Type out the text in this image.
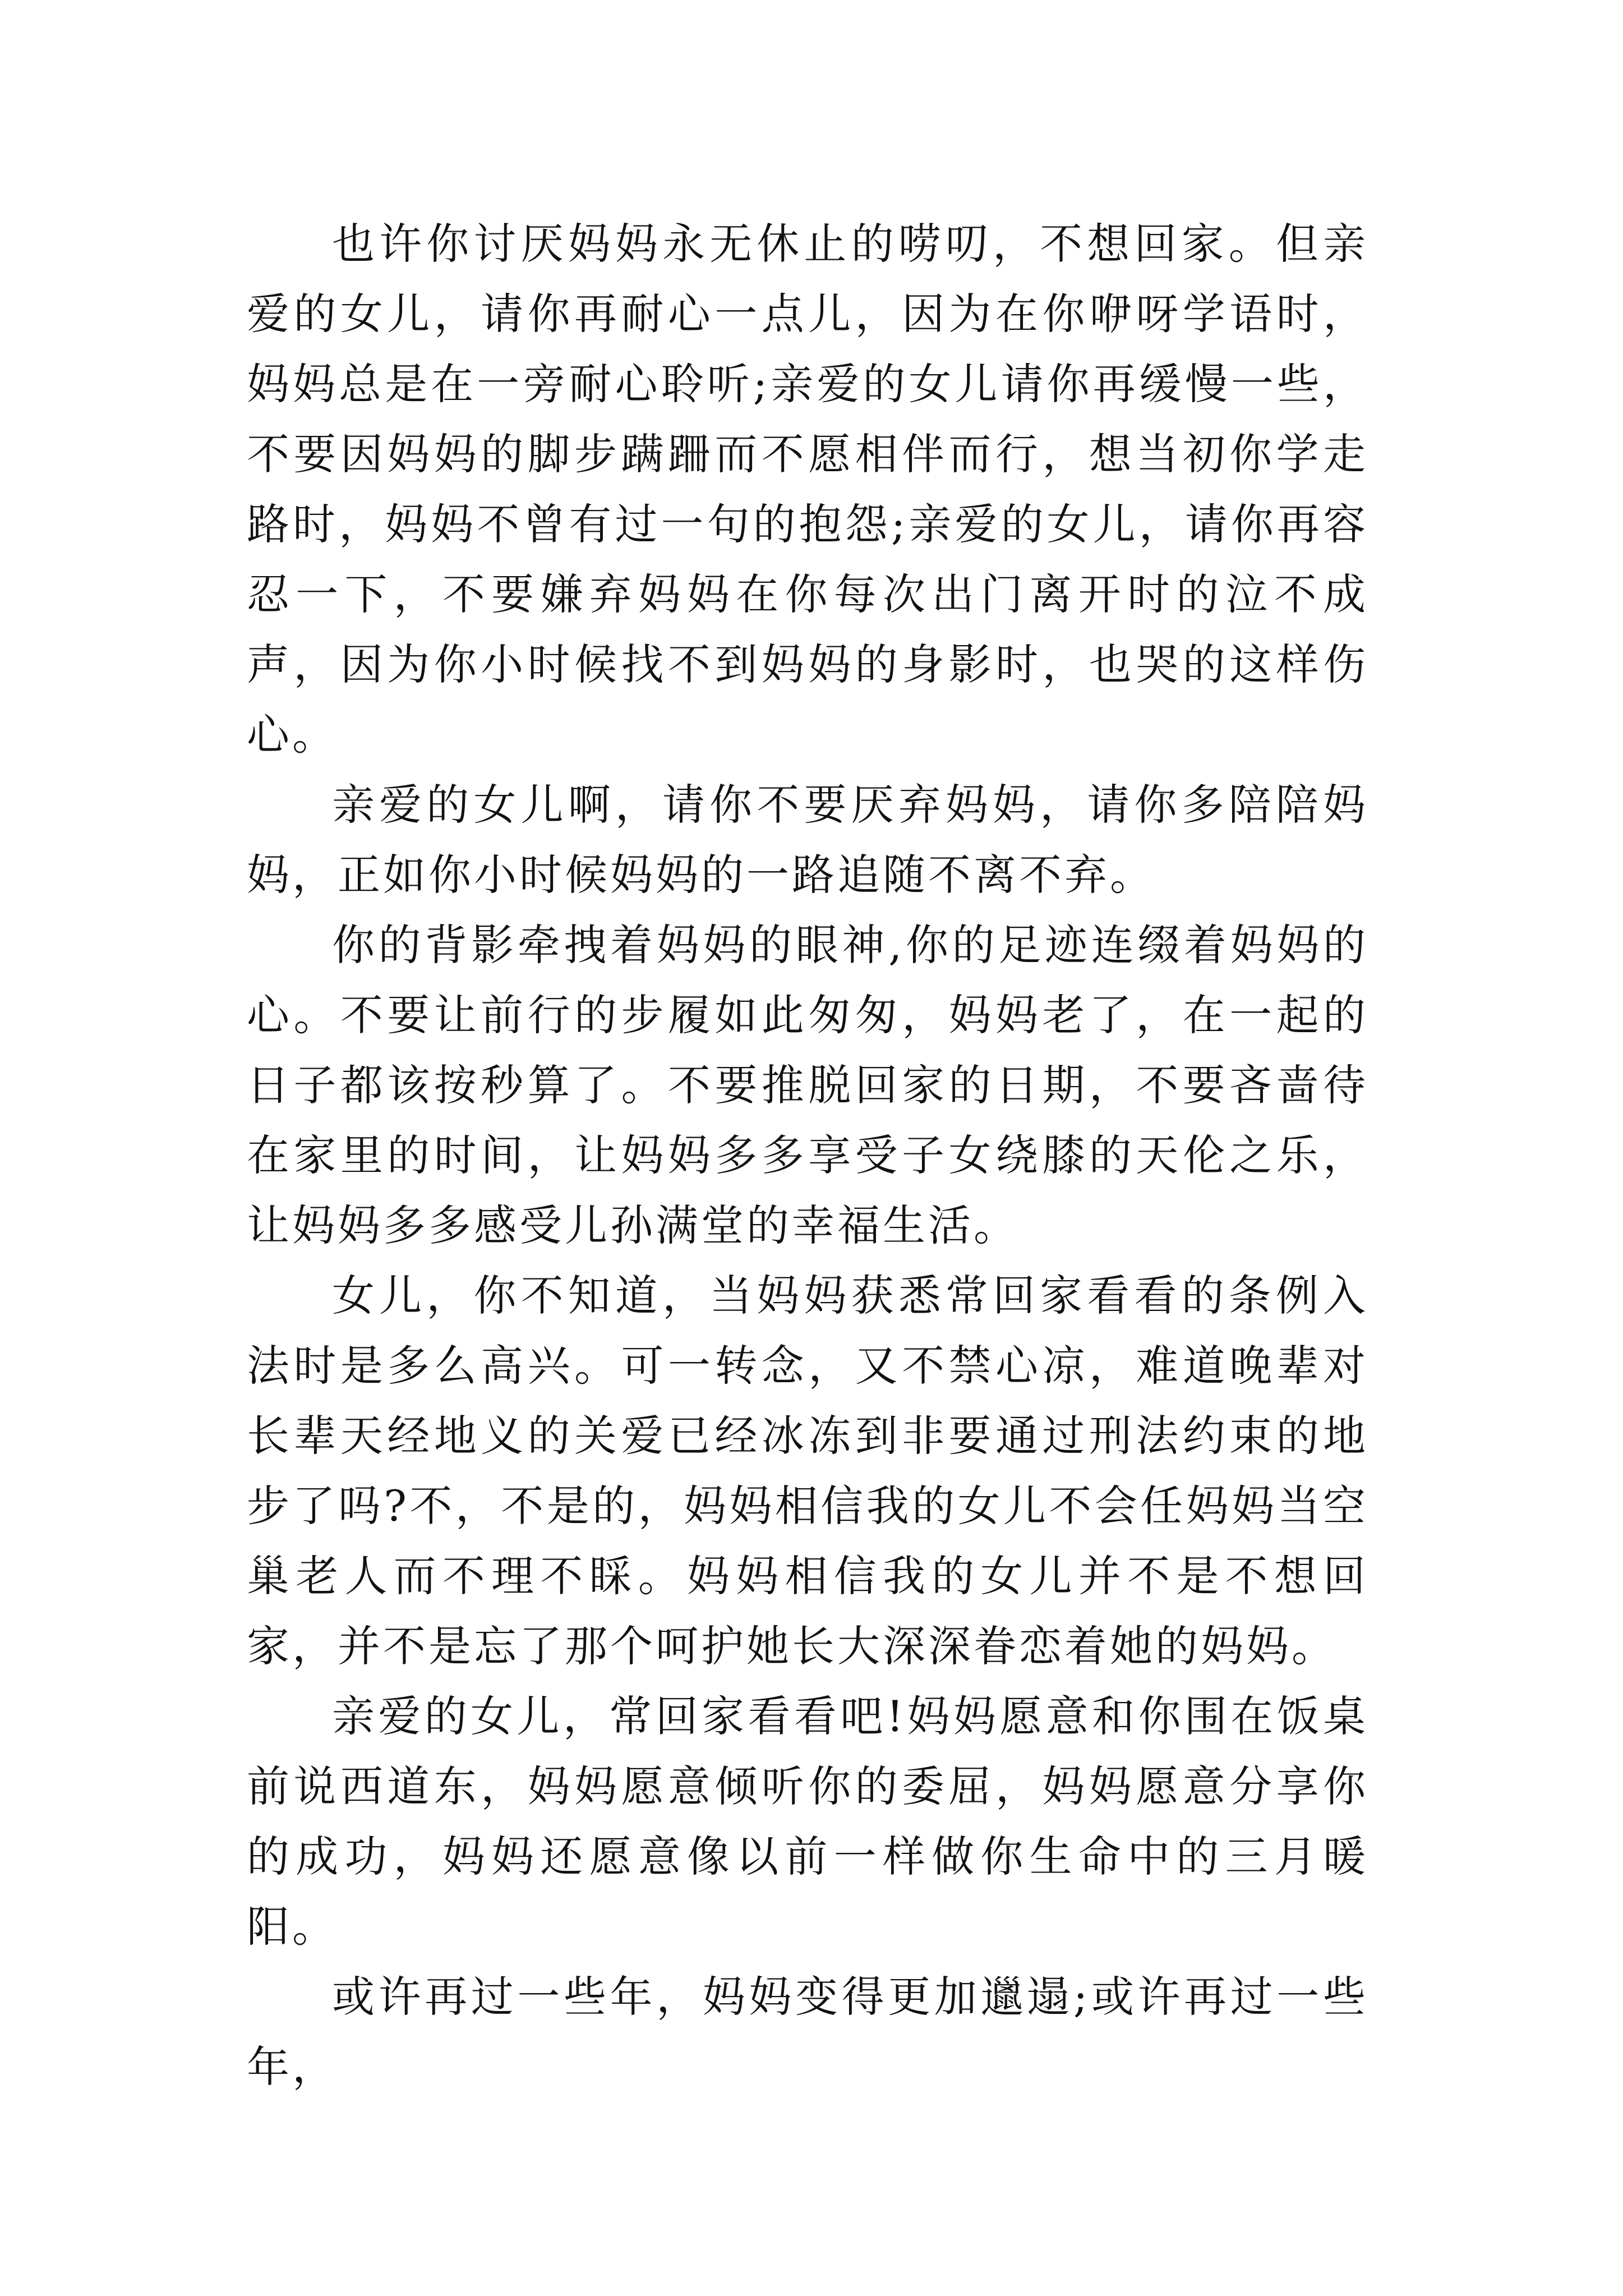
也许你讨厌妈妈永无休止的唠叨，不想回家。但亲爱的女儿，请你再耐心一点儿，因为在你咿呀学语时，妈妈总是在一旁耐心聆听;亲爱的女儿请你再缓慢一些，不要因妈妈的脚步蹒跚而不愿相伴而行，想当初你学走路时，妈妈不曾有过一句的抱怨;亲爱的女儿，请你再容忍一下，不要嫌弃妈妈在你每次出门离开时的泣不成声，因为你小时候找不到妈妈的身影时，也哭的这样伤心。

亲爱的女儿啊，请你不要厌弃妈妈，请你多陪陪妈妈，正如你小时候妈妈的一路追随不离不弃。

你的背影牵拽着妈妈的眼神,你的足迹连缀着妈妈的心。不要让前行的步履如此匆匆，妈妈老了，在一起的日子都该按秒算了。不要推脱回家的日期，不要吝啬待在家里的时间，让妈妈多多享受子女绕膝的天伦之乐，让妈妈多多感受儿孙满堂的幸福生活。

女儿，你不知道，当妈妈获悉常回家看看的条例入法时是多么高兴。可一转念，又不禁心凉，难道晚辈对长辈天经地义的关爱已经冰冻到非要通过刑法约束的地步了吗?不，不是的，妈妈相信我的女儿不会任妈妈当空巢老人而不理不睬。妈妈相信我的女儿并不是不想回家，并不是忘了那个呵护她长大深深眷恋着她的妈妈。

亲爱的女儿，常回家看看吧!妈妈愿意和你围在饭桌前说西道东，妈妈愿意倾听你的委屈，妈妈愿意分享你的成功，妈妈还愿意像以前一样做你生命中的三月暖阳。

或许再过一些年，妈妈变得更加邋遢;或许再过一些年，
